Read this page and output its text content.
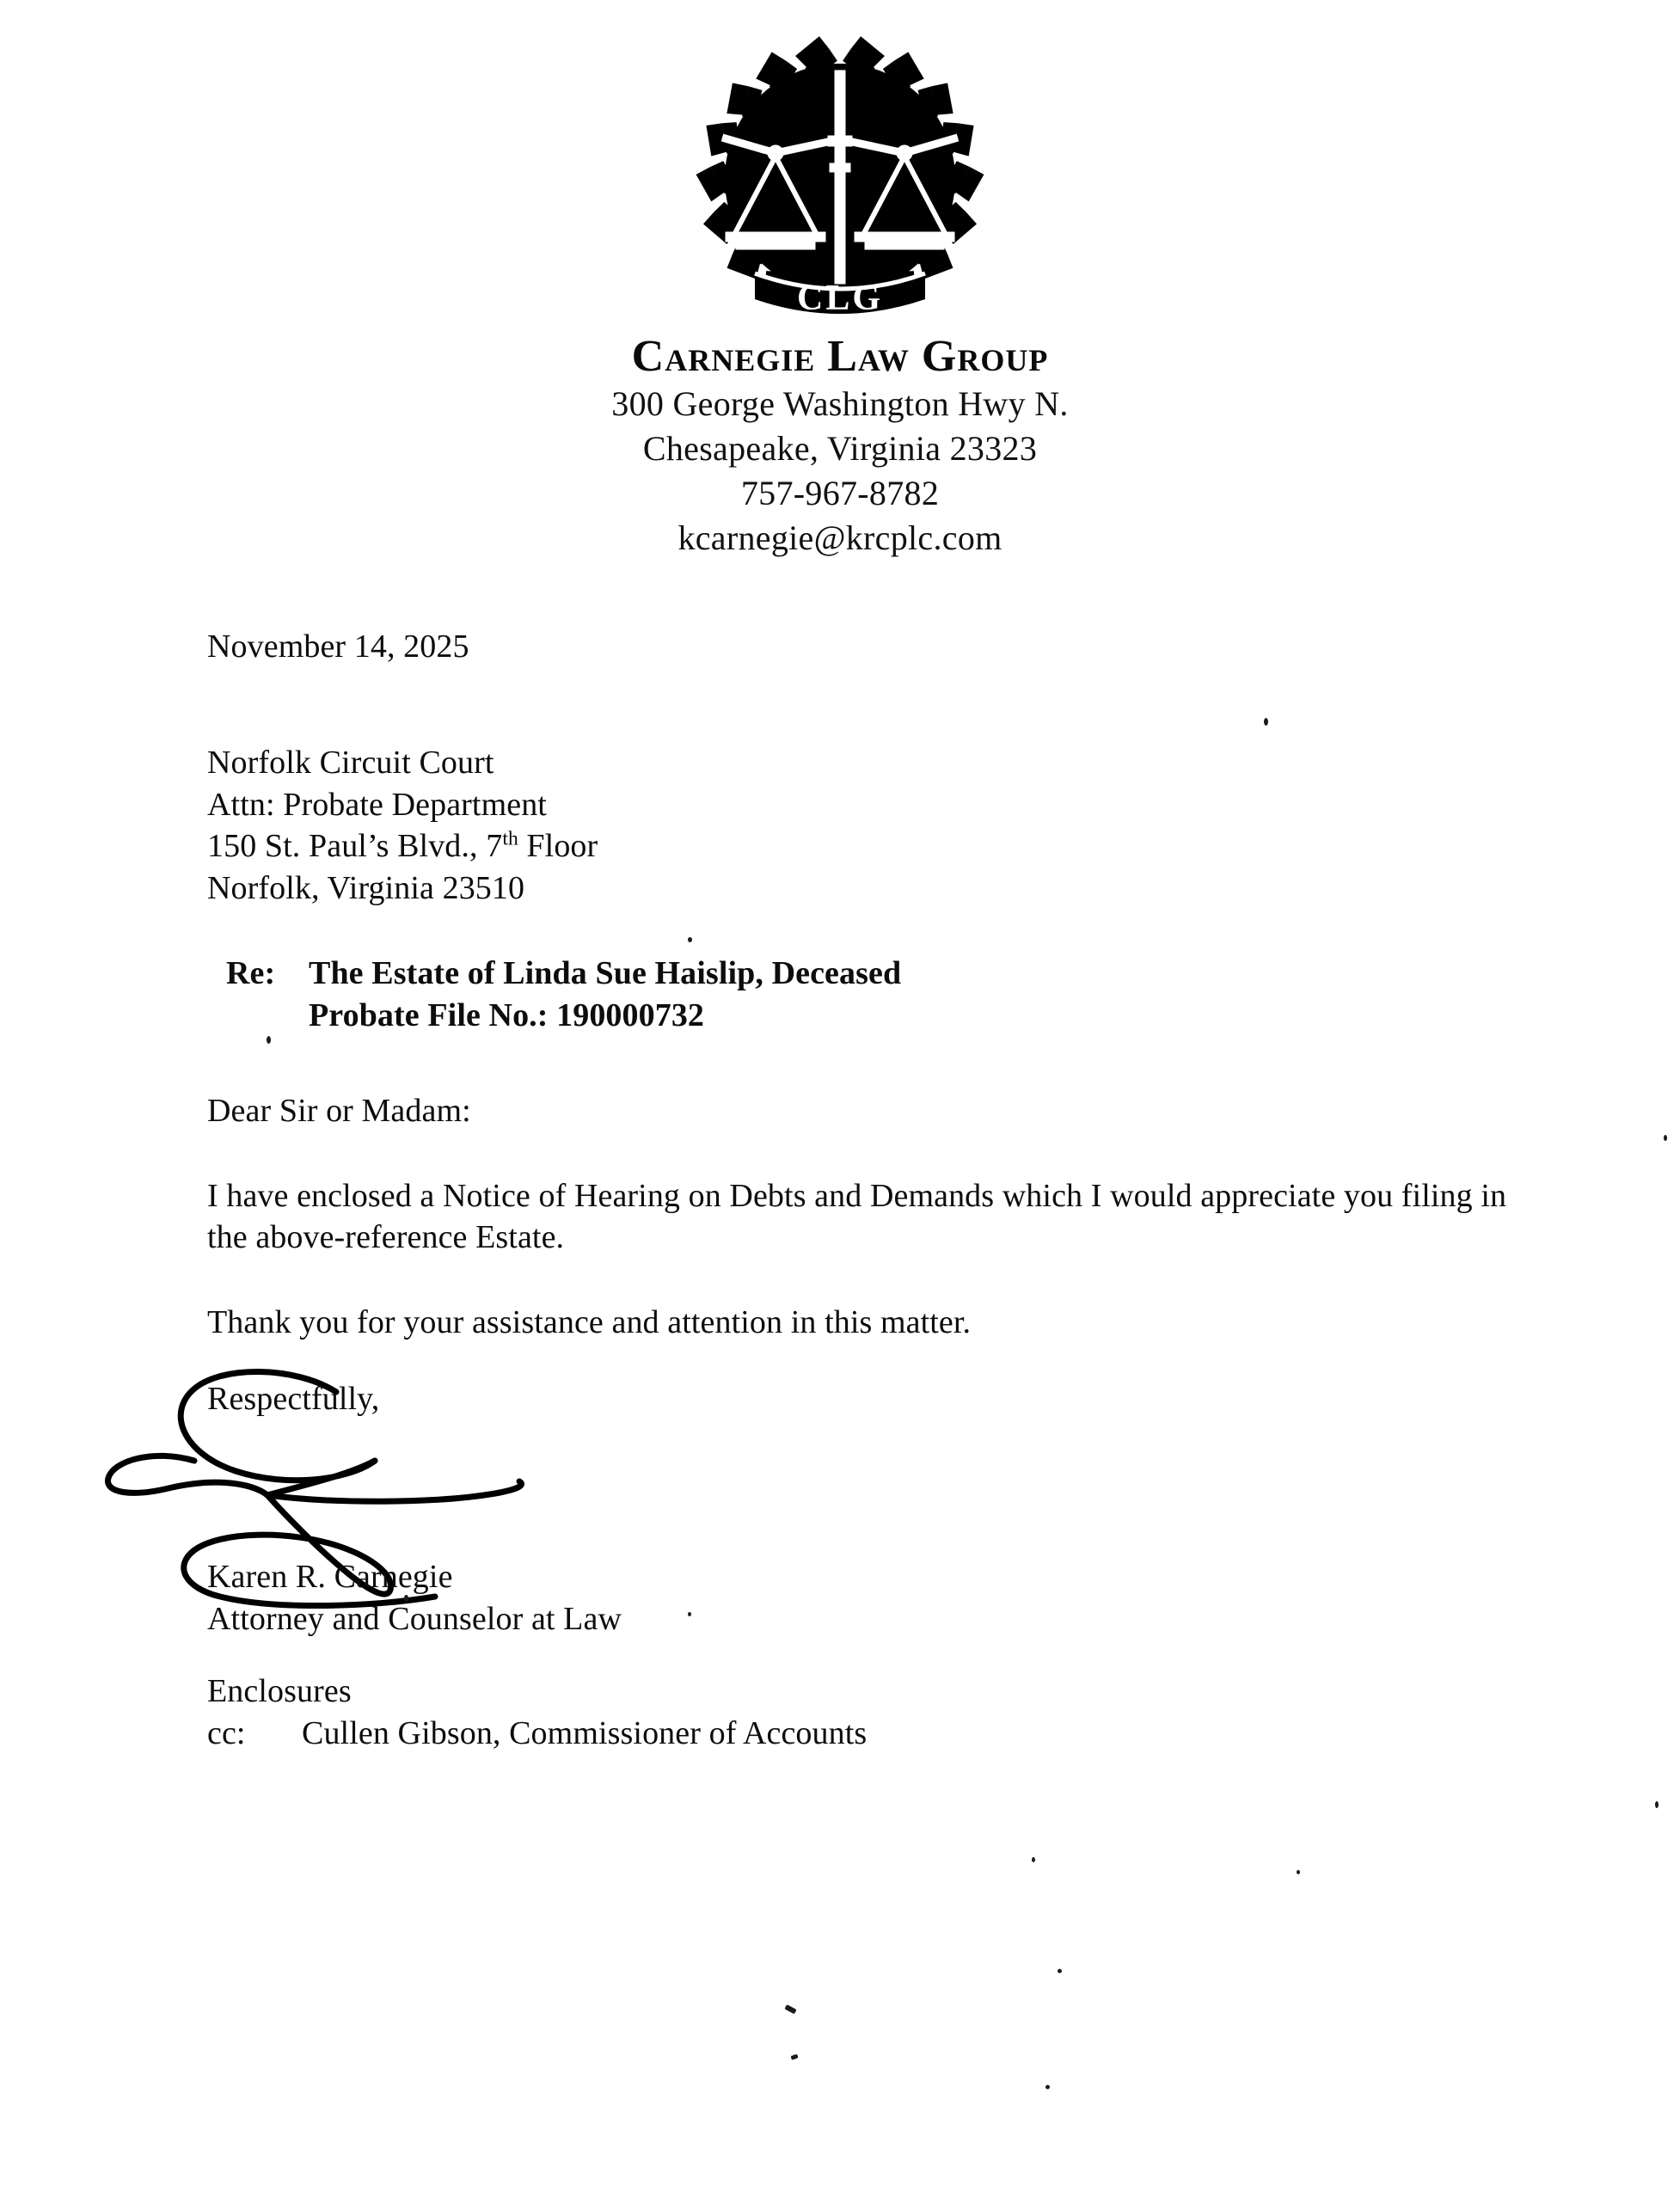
CLG
Carnegie Law Group
300 George Washington Hwy N.
Chesapeake, Virginia 23323
757-967-8782
kcarnegie@krcplc.com
November 14, 2025
Norfolk Circuit Court
Attn: Probate Department
150 St. Paul’s Blvd., 7th Floor
Norfolk, Virginia 23510
Re:	The Estate of Linda Sue Haislip, Deceased
Probate File No.: 190000732
Dear Sir or Madam:
I have enclosed a Notice of Hearing on Debts and Demands which I would appreciate you filing in the above-reference Estate.
Thank you for your assistance and attention in this matter.
Respectfully,
Karen R. Carnegie
Attorney and Counselor at Law
Enclosures
cc:	Cullen Gibson, Commissioner of Accounts
